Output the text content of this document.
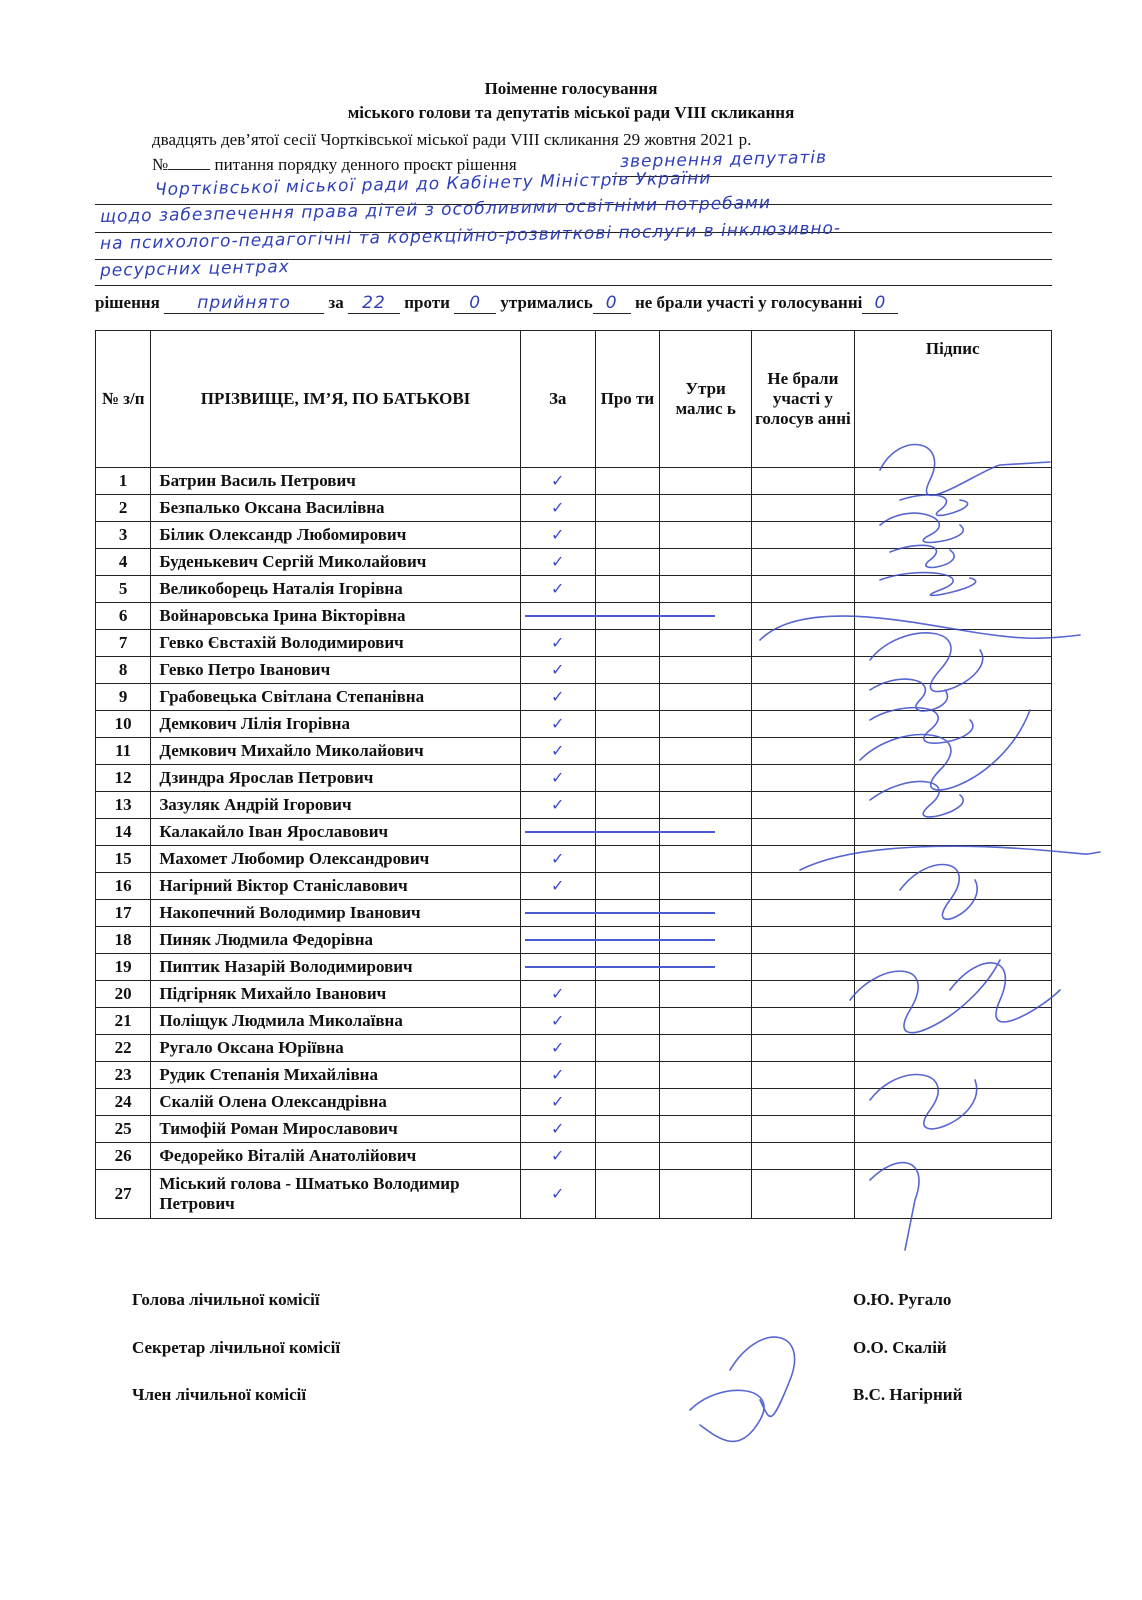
Поіменне голосування
міського голови та депутатів міської ради VIII скликання
двадцять дев’ятої сесії Чортківської міської ради VIII скликання 29 жовтня 2021 р.
№	питання порядку денного проєкт рішення	звернення депутатів
Чортківської міської ради до Кабінету Міністрів України
щодо забезпечення права дітей з особливими освітніми потребами
на психолого-педагогічні та корекційно-розвиткові послуги в інклюзивно-
ресурсних центрах
рішення прийнято за 22 проти 0 утримались 0 не брали участі у голосуванні 0
№ з/п	ПРІЗВИЩЕ, ІМ’Я, ПО БАТЬКОВІ	За	Про ти	Утри малис ь	Не брали участі у голосув анні	Підпис
1	Батрин Василь Петрович	✓				
2	Безпалько Оксана Василівна	✓				
3	Білик Олександр Любомирович	✓				
4	Буденькевич Сергій Миколайович	✓				
5	Великоборець Наталія Ігорівна	✓				
6	Войнаровська Ірина Вікторівна	

7	Гевко Євстахій Володимирович	✓				
8	Гевко Петро Іванович	✓				
9	Грабовецька Світлана Степанівна	✓				
10	Демкович Лілія Ігорівна	✓				
11	Демкович Михайло Миколайович	✓				
12	Дзиндра Ярослав Петрович	✓				
13	Зазуляк Андрій Ігорович	✓				
14	Калакайло Іван Ярославович	

15	Махомет Любомир Олександрович	✓				
16	Нагірний Віктор Станіславович	✓				
17	Накопечний Володимир Іванович	

18	Пиняк Людмила Федорівна	

19	Пиптик Назарій Володимирович	

20	Підгірняк Михайло Іванович	✓				
21	Поліщук Людмила Миколаївна	✓				
22	Ругало Оксана Юріївна	✓				
23	Рудик Степанія Михайлівна	✓				
24	Скалій Олена Олександрівна	✓				
25	Тимофій Роман Мирославович	✓				
26	Федорейко Віталій Анатолійович	✓				
27	Міський голова - Шматько Володимир Петрович	✓				
Голова лічильної комісії	О.Ю. Ругало
Секретар лічильної комісії	О.О. Скалій
Член лічильної комісії	В.С. Нагірний
